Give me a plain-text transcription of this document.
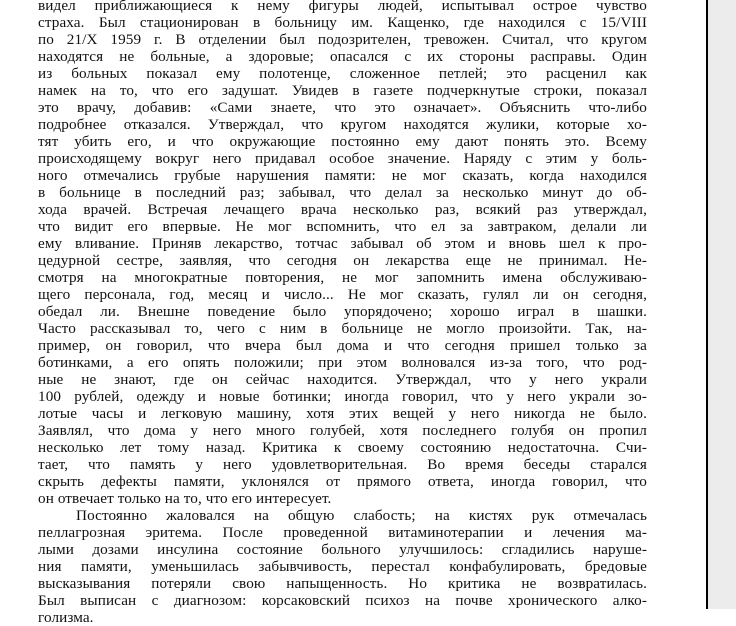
видел приближающиеся к нему фигуры людей, испытывал острое чувство
страха. Был стационирован в больницу им. Кащенко, где находился с 15/VIII
по 21/X 1959 г. В отделении был подозрителен, тревожен. Считал, что кругом
находятся не больные, а здоровые; опасался с их стороны расправы. Один
из больных показал ему полотенце, сложенное петлей; это расценил как
намек на то, что его задушат. Увидев в газете подчеркнутые строки, показал
это врачу, добавив: «Сами знаете, что это означает». Объяснить что-либо
подробнее отказался. Утверждал, что кругом находятся жулики, которые хо-
тят убить его, и что окружающие постоянно ему дают понять это. Всему
происходящему вокруг него придавал особое значение. Наряду с этим у боль-
ного отмечались грубые нарушения памяти: не мог сказать, когда находился
в больнице в последний раз; забывал, что делал за несколько минут до об-
хода врачей. Встречая лечащего врача несколько раз, всякий раз утверждал,
что видит его впервые. Не мог вспомнить, что ел за завтраком, делали ли
ему вливание. Приняв лекарство, тотчас забывал об этом и вновь шел к про-
цедурной сестре, заявляя, что сегодня он лекарства еще не принимал. Не-
смотря на многократные повторения, не мог запомнить имена обслуживаю-
щего персонала, год, месяц и число... Не мог сказать, гулял ли он сегодня,
обедал ли. Внешне поведение было упорядочено; хорошо играл в шашки.
Часто рассказывал то, чего с ним в больнице не могло произойти. Так, на-
пример, он говорил, что вчера был дома и что сегодня пришел только за
ботинками, а его опять положили; при этом волновался из-за того, что род-
ные не знают, где он сейчас находится. Утверждал, что у него украли
100 рублей, одежду и новые ботинки; иногда говорил, что у него украли зо-
лотые часы и легковую машину, хотя этих вещей у него никогда не было.
Заявлял, что дома у него много голубей, хотя последнего голубя он пропил
несколько лет тому назад. Критика к своему состоянию недостаточна. Счи-
тает, что память у него удовлетворительная. Во время беседы старался
скрыть дефекты памяти, уклонялся от прямого ответа, иногда говорил, что
он отвечает только на то, что его интересует.
Постоянно жаловался на общую слабость; на кистях рук отмечалась
пеллагрозная эритема. После проведенной витаминотерапии и лечения ма-
лыми дозами инсулина состояние больного улучшилось: сгладились наруше-
ния памяти, уменьшилась забывчивость, перестал конфабулировать, бредовые
высказывания потеряли свою напыщенность. Но критика не возвратилась.
Был выписан с диагнозом: корсаковский психоз на почве хронического алко-
голизма.
